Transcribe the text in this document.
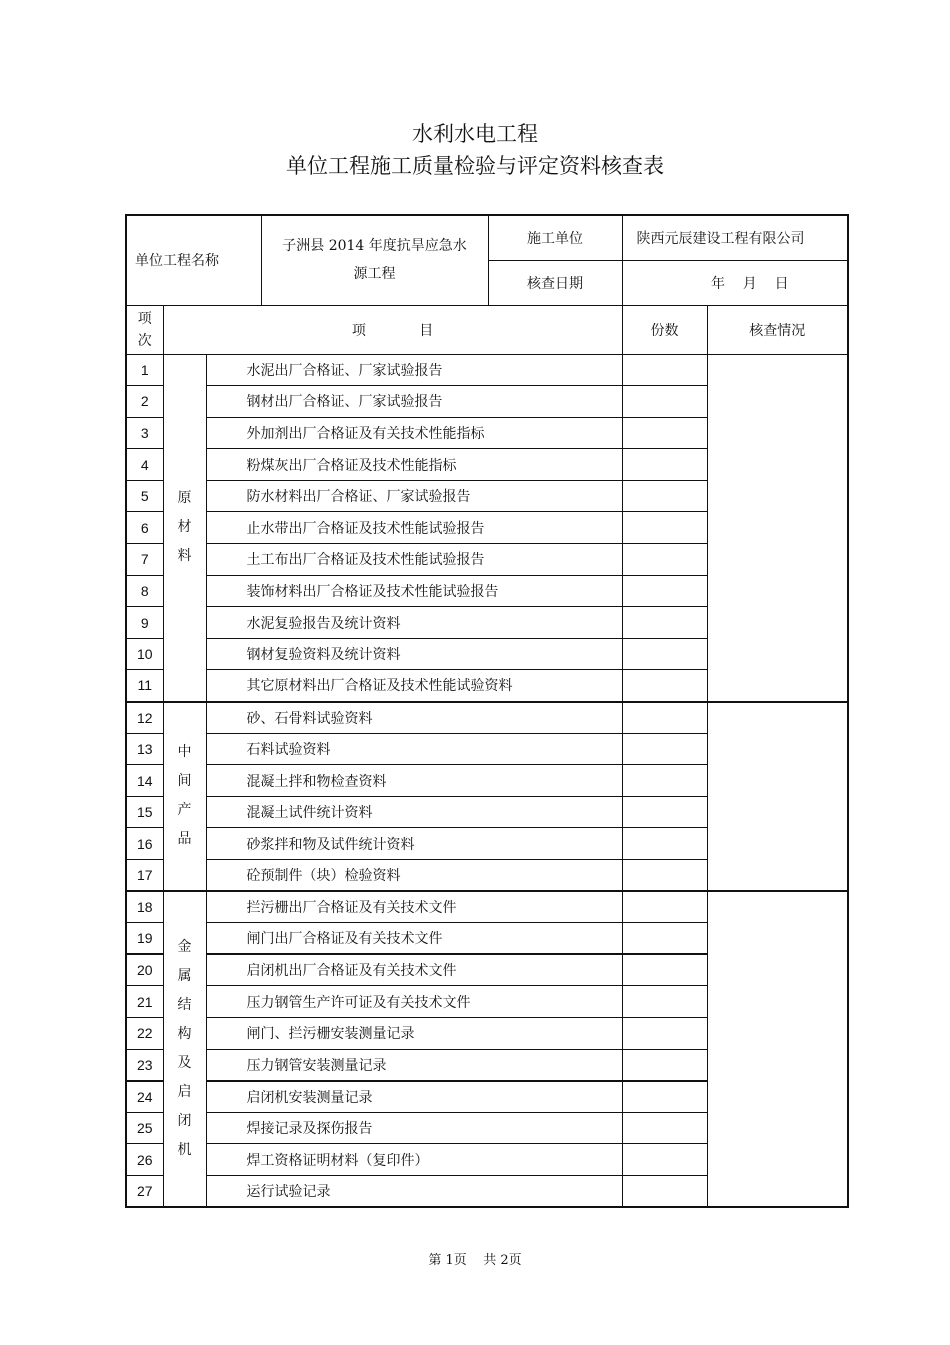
水利水电工程
单位工程施工质量检验与评定资料核查表
单位工程名称			子洲县 2014 年度抗旱应急水源工程	施工单位	陕西元辰建设工程有限公司	
				核查日期	年    月    日	
项次	项            目				份数	核查情况
1	原材料	水泥出厂合格证、厂家试验报告				
2		钢材出厂合格证、厂家试验报告				
3		外加剂出厂合格证及有关技术性能指标				
4		粉煤灰出厂合格证及技术性能指标				
5		防水材料出厂合格证、厂家试验报告				
6		止水带出厂合格证及技术性能试验报告				
7		土工布出厂合格证及技术性能试验报告				
8		装饰材料出厂合格证及技术性能试验报告				
9		水泥复验报告及统计资料				
10		钢材复验资料及统计资料				
11		其它原材料出厂合格证及技术性能试验资料				
12	中间产品	砂、石骨料试验资料				
13		石料试验资料				
14		混凝土拌和物检查资料				
15		混凝土试件统计资料				
16		砂浆拌和物及试件统计资料				
17		砼预制件（块）检验资料				
18	金属结构及启闭机	拦污栅出厂合格证及有关技术文件				
19		闸门出厂合格证及有关技术文件				
20		启闭机出厂合格证及有关技术文件				
21		压力钢管生产许可证及有关技术文件				
22		闸门、拦污栅安装测量记录				
23		压力钢管安装测量记录				
24		启闭机安装测量记录				
25		焊接记录及探伤报告				
26		焊工资格证明材料（复印件）				
27		运行试验记录				
第 1页    共 2页
